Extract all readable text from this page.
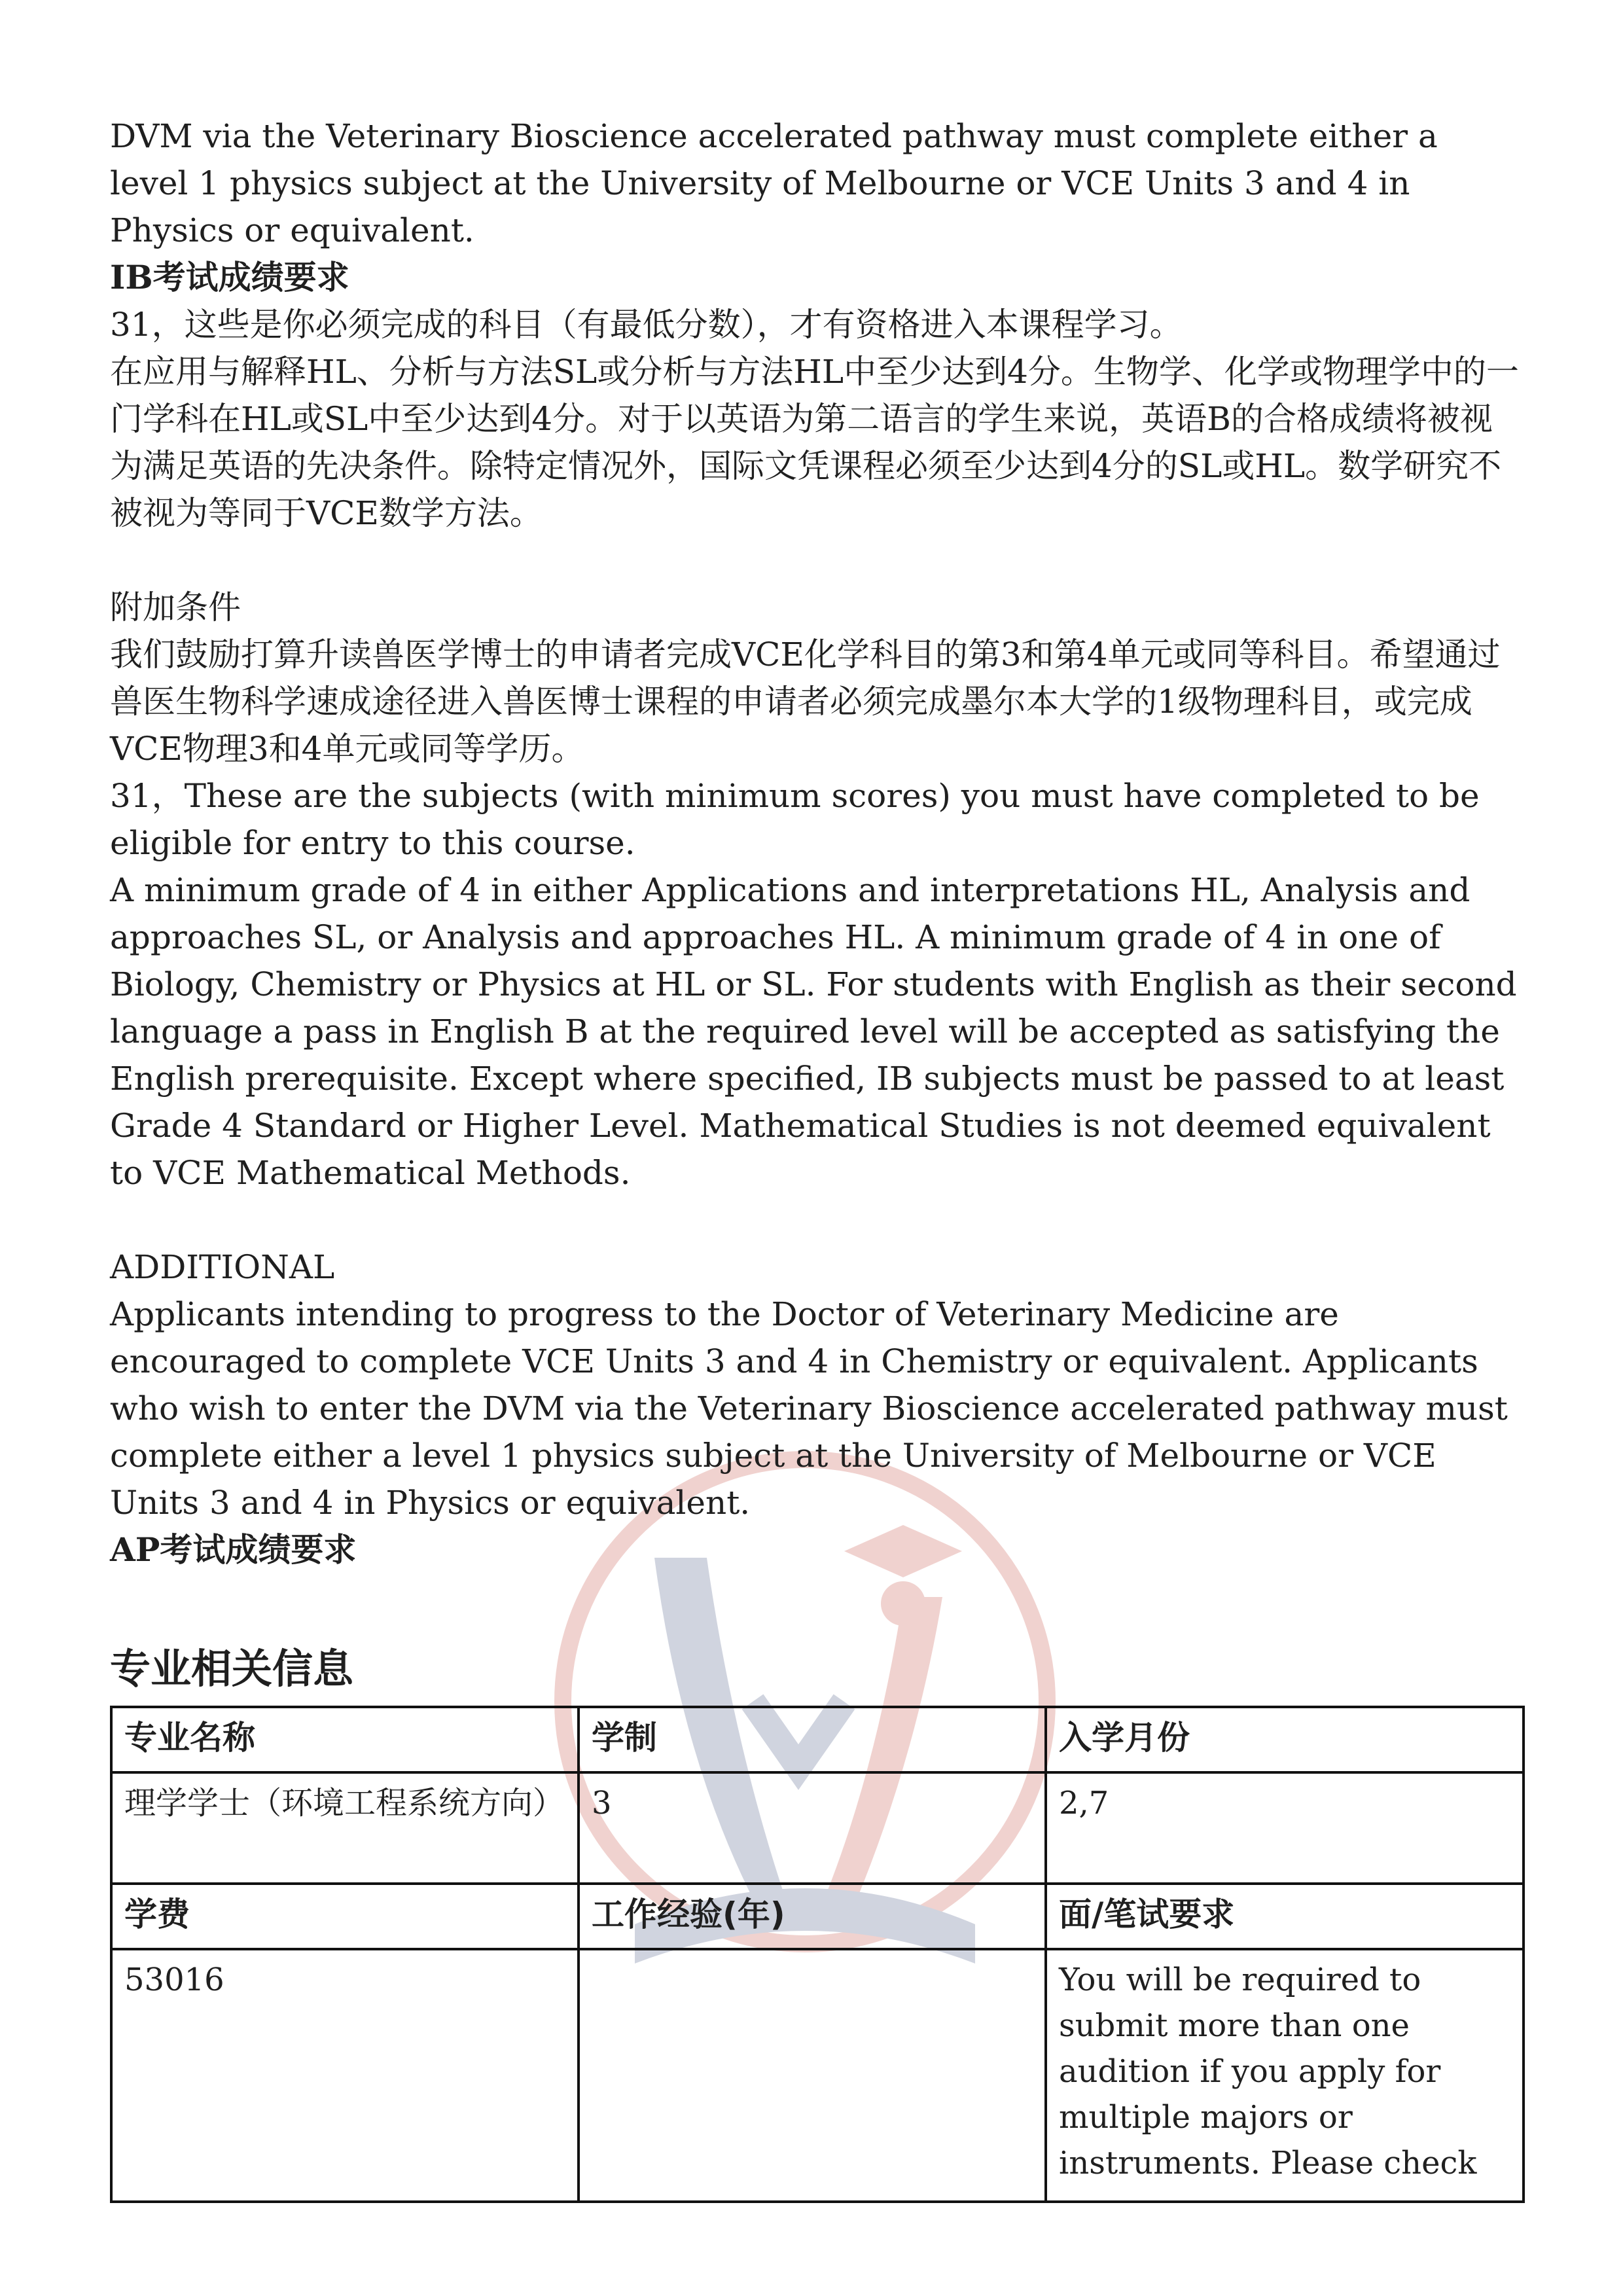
DVM via the Veterinary Bioscience accelerated pathway must complete either a level 1 physics subject at the University of Melbourne or VCE Units 3 and 4 in Physics or equivalent.

IB考试成绩要求

31，这些是你必须完成的科目（有最低分数），才有资格进入本课程学习。

在应用与解释HL、分析与方法SL或分析与方法HL中至少达到4分。生物学、化学或物理学中的一门学科在HL或SL中至少达到4分。对于以英语为第二语言的学生来说，英语B的合格成绩将被视为满足英语的先决条件。除特定情况外，国际文凭课程必须至少达到4分的SL或HL。数学研究不被视为等同于VCE数学方法。

附加条件

我们鼓励打算升读兽医学博士的申请者完成VCE化学科目的第3和第4单元或同等科目。希望通过兽医生物科学速成途径进入兽医博士课程的申请者必须完成墨尔本大学的1级物理科目，或完成VCE物理3和4单元或同等学历。

31，These are the subjects (with minimum scores) you must have completed to be eligible for entry to this course.

A minimum grade of 4 in either Applications and interpretations HL, Analysis and approaches SL, or Analysis and approaches HL. A minimum grade of 4 in one of Biology, Chemistry or Physics at HL or SL. For students with English as their second language a pass in English B at the required level will be accepted as satisfying the English prerequisite. Except where specified, IB subjects must be passed to at least Grade 4 Standard or Higher Level. Mathematical Studies is not deemed equivalent to VCE Mathematical Methods.

ADDITIONAL

Applicants intending to progress to the Doctor of Veterinary Medicine are encouraged to complete VCE Units 3 and 4 in Chemistry or equivalent. Applicants who wish to enter the DVM via the Veterinary Bioscience accelerated pathway must complete either a level 1 physics subject at the University of Melbourne or VCE Units 3 and 4 in Physics or equivalent.

AP考试成绩要求

专业相关信息
专业名称	学制	入学月份
理学学士（环境工程系统方向）	3	2,7
学费	工作经验(年)	面/笔试要求
53016		You will be required to submit more than one audition if you apply for multiple majors or instruments. Please check
